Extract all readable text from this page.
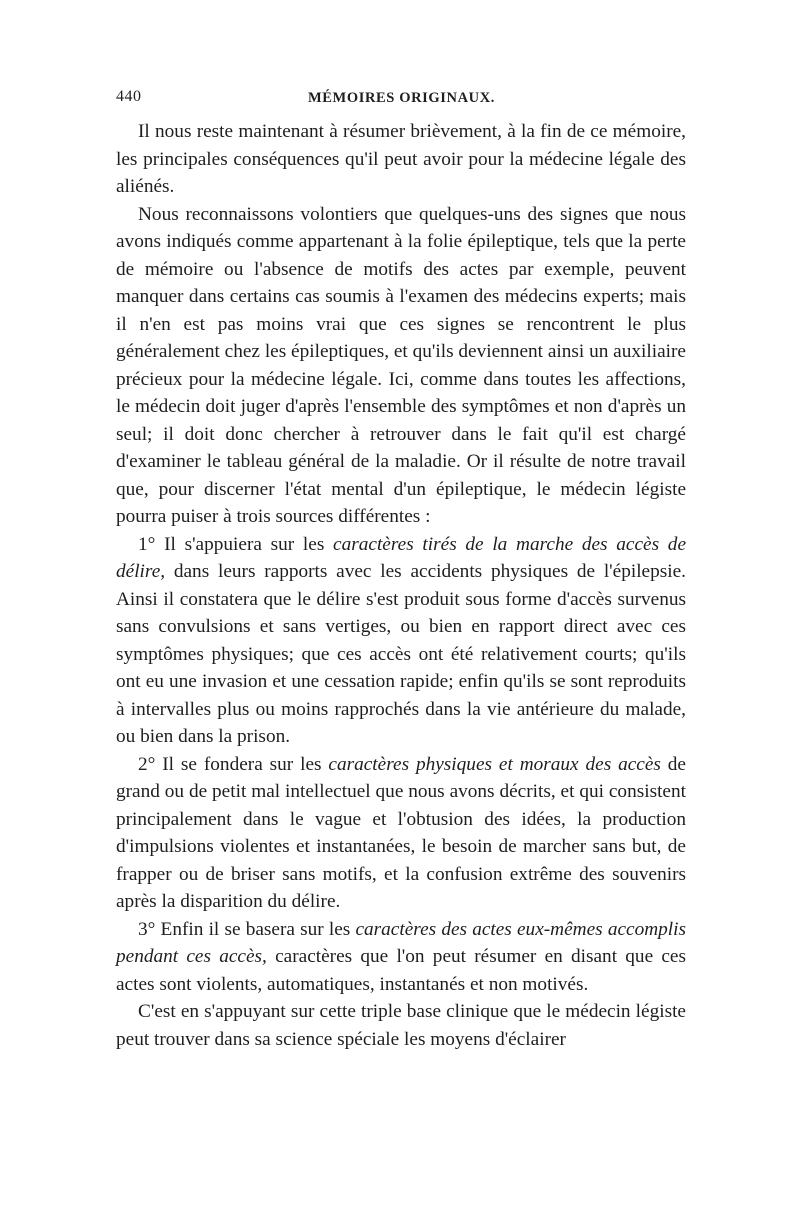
440	MÉMOIRES ORIGINAUX.

Il nous reste maintenant à résumer brièvement, à la fin de ce mémoire, les principales conséquences qu'il peut avoir pour la médecine légale des aliénés.

Nous reconnaissons volontiers que quelques-uns des signes que nous avons indiqués comme appartenant à la folie épileptique, tels que la perte de mémoire ou l'absence de motifs des actes par exemple, peuvent manquer dans certains cas soumis à l'examen des médecins experts; mais il n'en est pas moins vrai que ces signes se rencontrent le plus généralement chez les épileptiques, et qu'ils deviennent ainsi un auxiliaire précieux pour la médecine légale. Ici, comme dans toutes les affections, le médecin doit juger d'après l'ensemble des symptômes et non d'après un seul; il doit donc chercher à retrouver dans le fait qu'il est chargé d'examiner le tableau général de la maladie. Or il résulte de notre travail que, pour discerner l'état mental d'un épileptique, le médecin légiste pourra puiser à trois sources différentes :

1° Il s'appuiera sur les caractères tirés de la marche des accès de délire, dans leurs rapports avec les accidents physiques de l'épilepsie. Ainsi il constatera que le délire s'est produit sous forme d'accès survenus sans convulsions et sans vertiges, ou bien en rapport direct avec ces symptômes physiques; que ces accès ont été relativement courts; qu'ils ont eu une invasion et une cessation rapide; enfin qu'ils se sont reproduits à intervalles plus ou moins rapprochés dans la vie antérieure du malade, ou bien dans la prison.

2° Il se fondera sur les caractères physiques et moraux des accès de grand ou de petit mal intellectuel que nous avons décrits, et qui consistent principalement dans le vague et l'obtusion des idées, la production d'impulsions violentes et instantanées, le besoin de marcher sans but, de frapper ou de briser sans motifs, et la confusion extrême des souvenirs après la disparition du délire.

3° Enfin il se basera sur les caractères des actes eux-mêmes accomplis pendant ces accès, caractères que l'on peut résumer en disant que ces actes sont violents, automatiques, instantanés et non motivés.

C'est en s'appuyant sur cette triple base clinique que le médecin légiste peut trouver dans sa science spéciale les moyens d'éclairer
